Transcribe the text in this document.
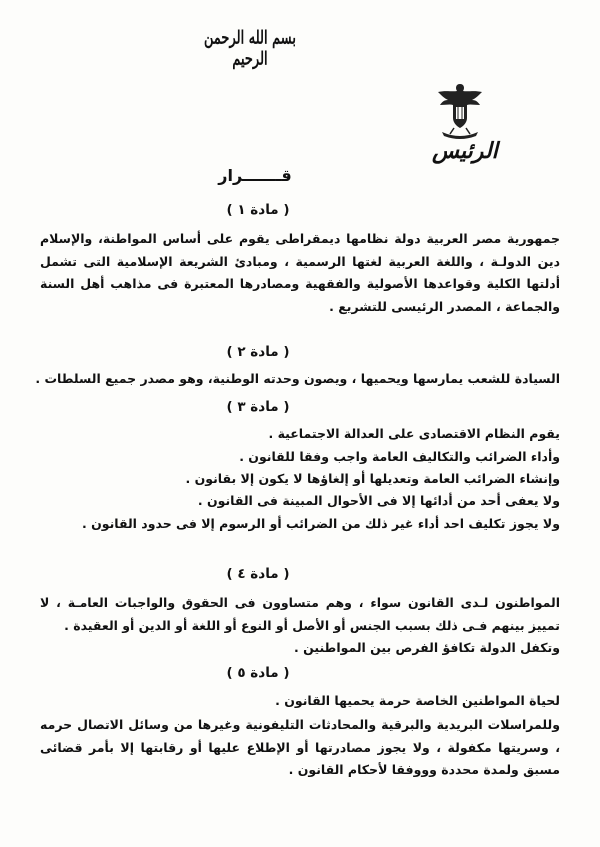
بسم الله الرحمن الرحيم
الرئيس
قـــــــرار
( مادة ١ )

جمهورية مصر العربية دولة نظامها ديمقراطى يقوم على أساس المواطنة، والإسلام دين الدولـة ، واللغة العربية لغتها الرسمية ، ومبادئ الشريعة الإسلامية التى تشمل أدلتها الكلية وقواعدها الأصولية والفقهية ومصادرها المعتبرة فى مذاهب أهل السنة والجماعة ، المصدر الرئيسى للتشريع .

( مادة ٢ )

السيادة للشعب يمارسها ويحميها ، ويصون وحدته الوطنية، وهو مصدر جميع السلطات .

( مادة ٣ )

يقوم النظام الاقتصادى على العدالة الاجتماعية .

وأداء الضرائب والتكاليف العامة واجب وفقا للقانون .

وإنشاء الضرائب العامة وتعديلها أو إلغاؤها لا يكون إلا بقانون .

ولا يعفى أحد من أدائها إلا فى الأحوال المبينة فى القانون .

ولا يجوز تكليف احد أداء غير ذلك من الضرائب أو الرسوم إلا فى حدود القانون .

( مادة ٤ )

المواطنون لـدى القانون سواء ، وهم متساوون فى الحقوق والواجبات العامـة ، لا تمييز بينهم فـى ذلك بسبب الجنس أو الأصل أو النوع أو اللغة أو الدين أو العقيدة .

وتكفل الدولة تكافؤ الفرص بين المواطنين .

( مادة ٥ )

لحياة المواطنين الخاصة حرمة يحميها القانون .

وللمراسلات البريدية والبرقية والمحادثات التليفونية وغيرها من وسائل الاتصال حرمه ، وسريتها مكفولة ، ولا يجوز مصادرتها أو الإطلاع عليها أو رقابتها إلا بأمر قضائى مسبق ولمدة محددة وووفقا لأحكام القانون .
